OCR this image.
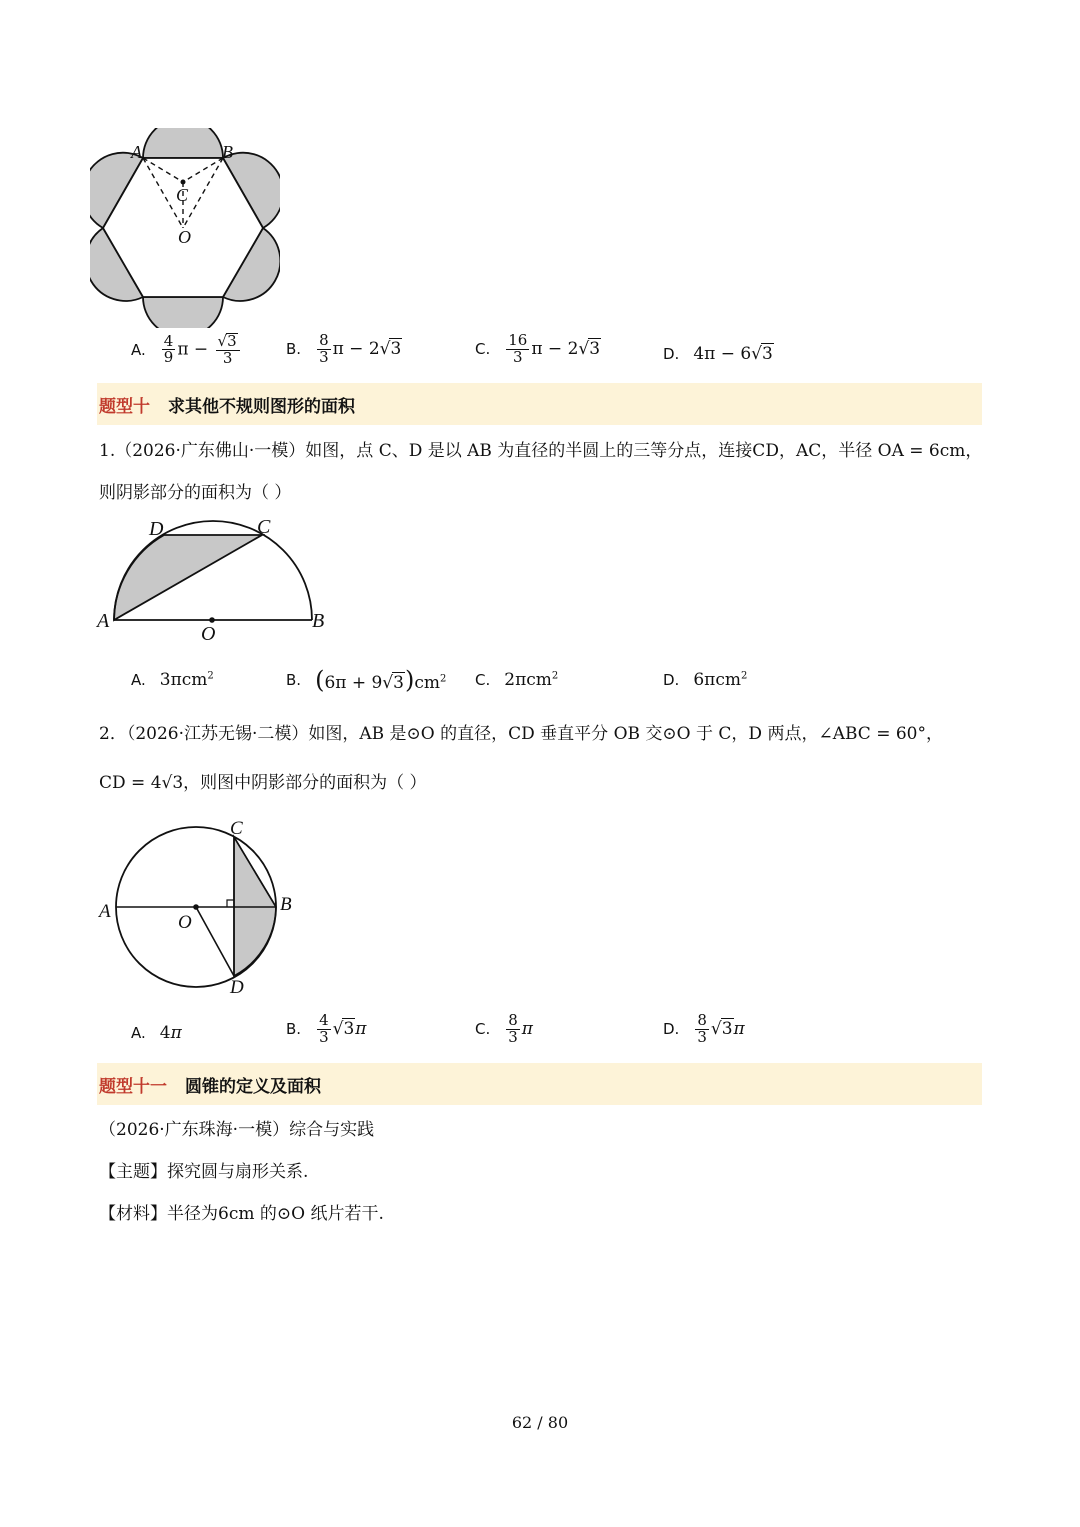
A	B
C
O
A. $\frac{4}{9}$ $\pi - \frac{√3}{3}$	B. $\frac{8}{3}$ π − 2√3	C. $\frac{16}{3}$ π − 2√3	D. 4π − 6√3
题型十 求其他不规则图形的面积
1.（2026·广东佛山·一模）如图，点 C、D 是以 AB 为直径的半圆上的三等分点，连接CD，AC，半径 OA = 6cm，
则阴影部分的面积为（ ）
D	C
A
O
B
A. 3πcm$^2$	B. $(6\pi + 9√3)cm^2$ C. 2πcm$^2$	D. 6πcm$^2$
2．（2026·江苏无锡·二模）如图，AB 是⊙O 的直径，CD 垂直平分 OB 交⊙O 于 C，D 两点，∠ABC = 60°，
CD = 4√3，则图中阴影部分的面积为（ ）
C
A
O
B
D
A. 4π	B. $\frac{4}{3} √3\pi$	C. $\frac{8}{3}$ π	D. $\frac{8}{3} √3\pi$
题型十一 圆锥的定义及面积
（2026·广东珠海·一模）综合与实践
【主题】探究圆与扇形关系.
【材料】半径为6cm 的⊙O 纸片若干.
62 / 80
